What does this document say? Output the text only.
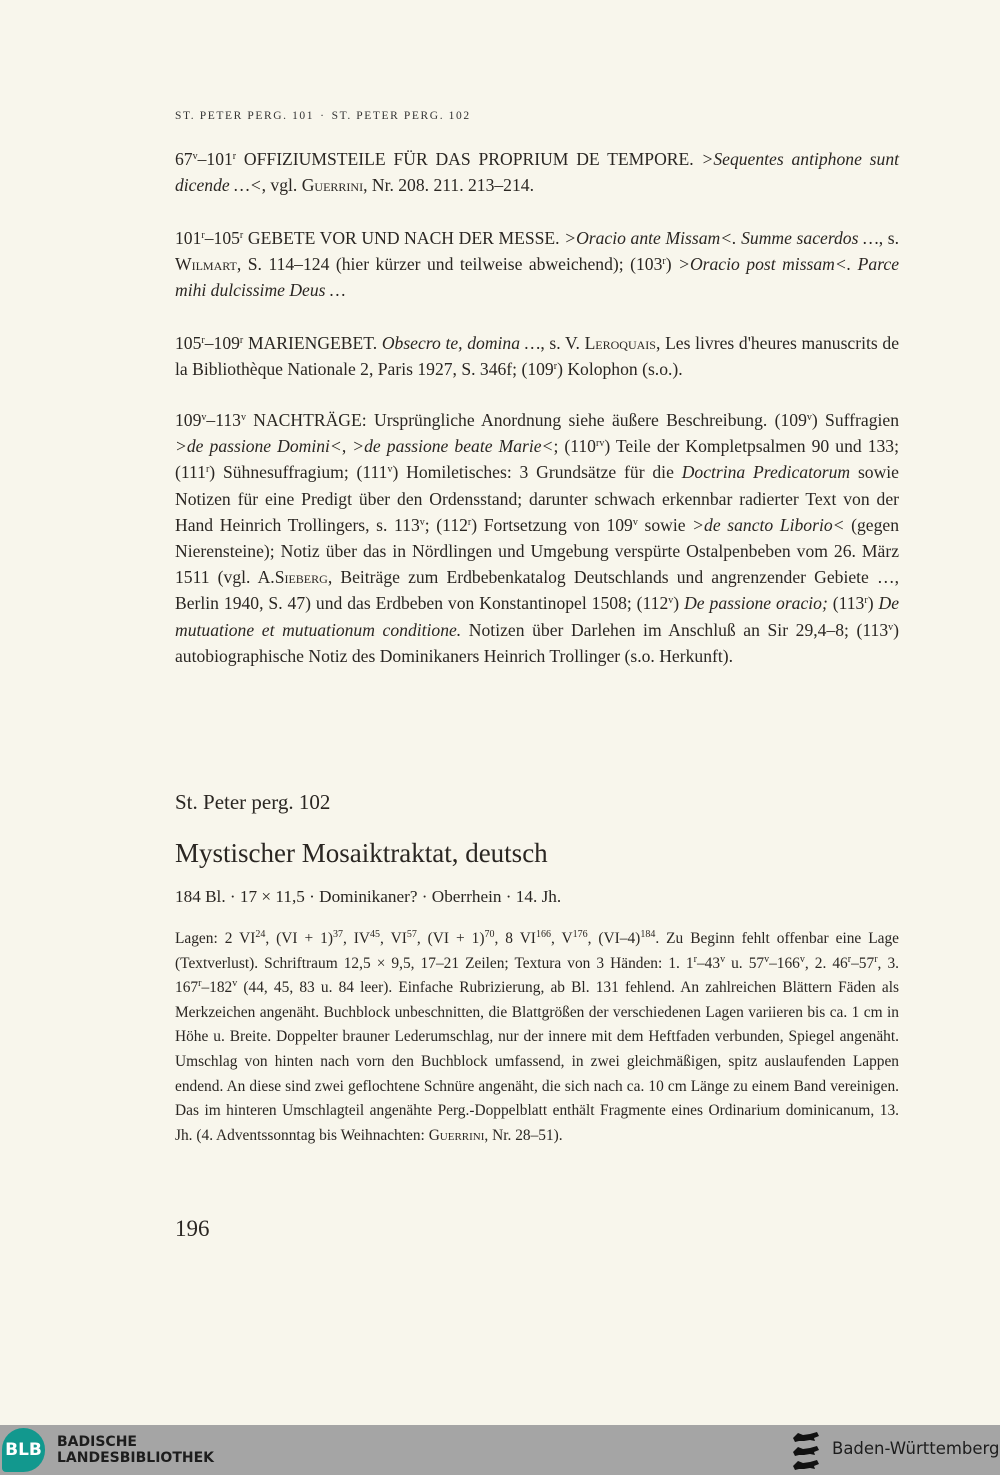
ST. PETER PERG. 101 · ST. PETER PERG. 102
67$^v$–101$^r$ OFFIZIUMSTEILE FÜR DAS PROPRIUM DE TEMPORE. >Sequentes antiphone sunt dicende …<, vgl. Guerrini, Nr. 208. 211. 213–214.
101$^r$–105$^r$ GEBETE VOR UND NACH DER MESSE. >Oracio ante Missam<. Summe sacerdos …, s. Wilmart, S. 114–124 (hier kürzer und teilweise abweichend); $(103^r)$ >Oracio post missam<. Parce mihi dulcissime Deus …
105$^r$–109$^r$ MARIENGEBET. Obsecro te, domina …, s. V. Leroquais, Les livres d'heures manuscrits de la Bibliothèque Nationale 2, Paris 1927, S. 346f; (109$^r$) Kolophon (s.o.).
109$^v$–113$^v$ NACHTRÄGE: Ursprüngliche Anordnung siehe äußere Beschreibung. (109$^v$) Suffragien >de passione Domini<, >de passione beate Marie<; $(110^{rv})$ Teile der Kompletpsalmen 90 und 133; (111$^r$) Sühnesuffragium; (111$^v$) Homiletisches: 3 Grundsätze für die Doctrina Predicatorum sowie Notizen für eine Predigt über den Ordensstand; darunter schwach erkennbar radierter Text von der Hand Heinrich Trollingers, s. 113$^v$; (112$^r$) Fortsetzung von 109$^v$ sowie >de sancto Liborio< (gegen Nierensteine); Notiz über das in Nördlingen und Umgebung verspürte Ostalpenbeben vom 26. März 1511 (vgl. A.Sieberg, Beiträge zum Erdbebenkatalog Deutschlands und angrenzender Gebiete …, Berlin 1940, S. 47) und das Erdbeben von Konstantinopel 1508; (112$^v$) De passione oracio; (113$^r$) De mutuatione et mutuationum conditione. Notizen über Darlehen im Anschluß an Sir 29,4–8; (113$^v$) autobiographische Notiz des Dominikaners Heinrich Trollinger (s.o. Herkunft).
St. Peter perg. 102
Mystischer Mosaiktraktat, deutsch
184 Bl. · 17 × 11,5 · Dominikaner? · Oberrhein · 14. Jh.
Lagen: 2 VI$^{24}$, (VI + 1)$^{37}$, IV$^{45}$, VI$^{57}$, (VI + 1)$^{70}$, 8 VI$^{166}$, $V^{176}$, $(VI-4)^{184}$. Zu Beginn fehlt offenbar eine Lage (Textverlust). Schriftraum 12,5 × 9,5, 17–21 Zeilen; Textura von 3 Händen: 1. 1$^r$–43$^v$ u. 57$^v$–166$^v$, 2. 46$^r$–57$^r$, 3. 167$^r$–182$^v$ (44, 45, 83 u. 84 leer). Einfache Rubrizierung, ab Bl. 131 fehlend. An zahlreichen Blättern Fäden als Merkzeichen angenäht. Buchblock unbeschnitten, die Blattgrößen der verschiedenen Lagen variieren bis ca. 1 cm in Höhe u. Breite. Doppelter brauner Lederumschlag, nur der innere mit dem Heftfaden verbunden, Spiegel angenäht. Umschlag von hinten nach vorn den Buchblock umfassend, in zwei gleichmäßigen, spitz auslaufenden Lappen endend. An diese sind zwei geflochtene Schnüre angenäht, die sich nach ca. 10 cm Länge zu einem Band vereinigen. Das im hinteren Umschlagteil angenähte Perg.-Doppelblatt enthält Fragmente eines Ordinarium dominicanum, 13. Jh. (4. Adventssonntag bis Weihnachten: Guerrini, Nr. 28–51).
196
BLB BADISCHE
LANDESBIBLIOTHEK	Baden-Württemberg
